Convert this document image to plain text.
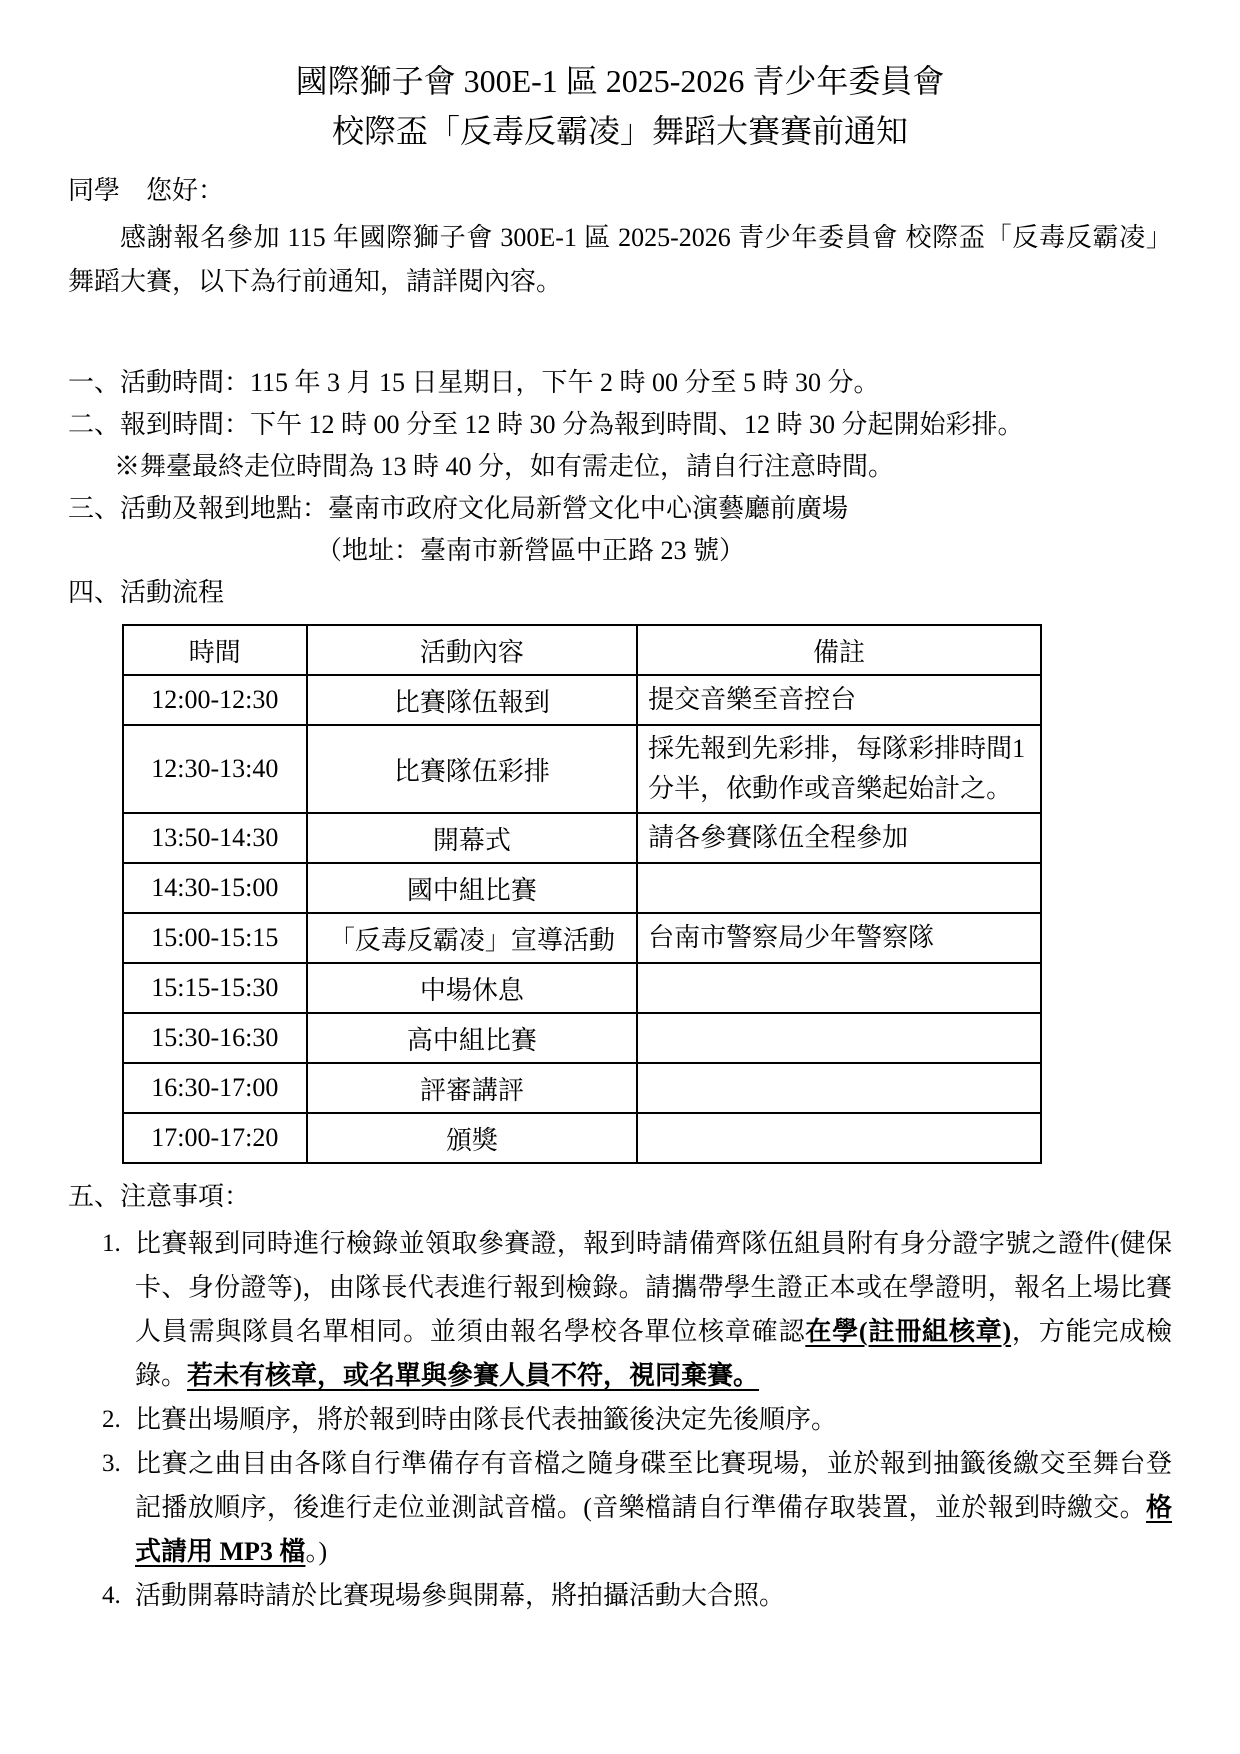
國際獅子會 300E-1 區 2025-2026 青少年委員會
校際盃「反毒反霸凌」舞蹈大賽賽前通知
同學　您好：

感謝報名參加 115 年國際獅子會 300E-1 區 2025-2026 青少年委員會 校際盃「反毒反霸凌」舞蹈大賽，以下為行前通知，請詳閱內容。

一、活動時間：115 年 3 月 15 日星期日，下午 2 時 00 分至 5 時 30 分。
二、報到時間：下午 12 時 00 分至 12 時 30 分為報到時間、12 時 30 分起開始彩排。
※舞臺最終走位時間為 13 時 40 分，如有需走位，請自行注意時間。
三、活動及報到地點：臺南市政府文化局新營文化中心演藝廳前廣場
（地址：臺南市新營區中正路 23 號）
四、活動流程
時間	活動內容	備註
12:00-12:30	比賽隊伍報到	提交音樂至音控台
12:30-13:40	比賽隊伍彩排	採先報到先彩排，每隊彩排時間1分半，依動作或音樂起始計之。
13:50-14:30	開幕式	請各參賽隊伍全程參加
14:30-15:00	國中組比賽	
15:00-15:15	「反毒反霸凌」宣導活動	台南市警察局少年警察隊
15:15-15:30	中場休息	
15:30-16:30	高中組比賽	
16:30-17:00	評審講評	
17:00-17:20	頒獎	
五、注意事項：
1. 比賽報到同時進行檢錄並領取參賽證，報到時請備齊隊伍組員附有身分證字號之證件(健保卡、身份證等)，由隊長代表進行報到檢錄。請攜帶學生證正本或在學證明，報名上場比賽人員需與隊員名單相同。並須由報名學校各單位核章確認在學(註冊組核章)，方能完成檢錄。若未有核章，或名單與參賽人員不符，視同棄賽。
2. 比賽出場順序，將於報到時由隊長代表抽籤後決定先後順序。
3. 比賽之曲目由各隊自行準備存有音檔之隨身碟至比賽現場，並於報到抽籤後繳交至舞台登記播放順序，後進行走位並測試音檔。(音樂檔請自行準備存取裝置，並於報到時繳交。格式請用 MP3 檔。)
4. 活動開幕時請於比賽現場參與開幕，將拍攝活動大合照。
